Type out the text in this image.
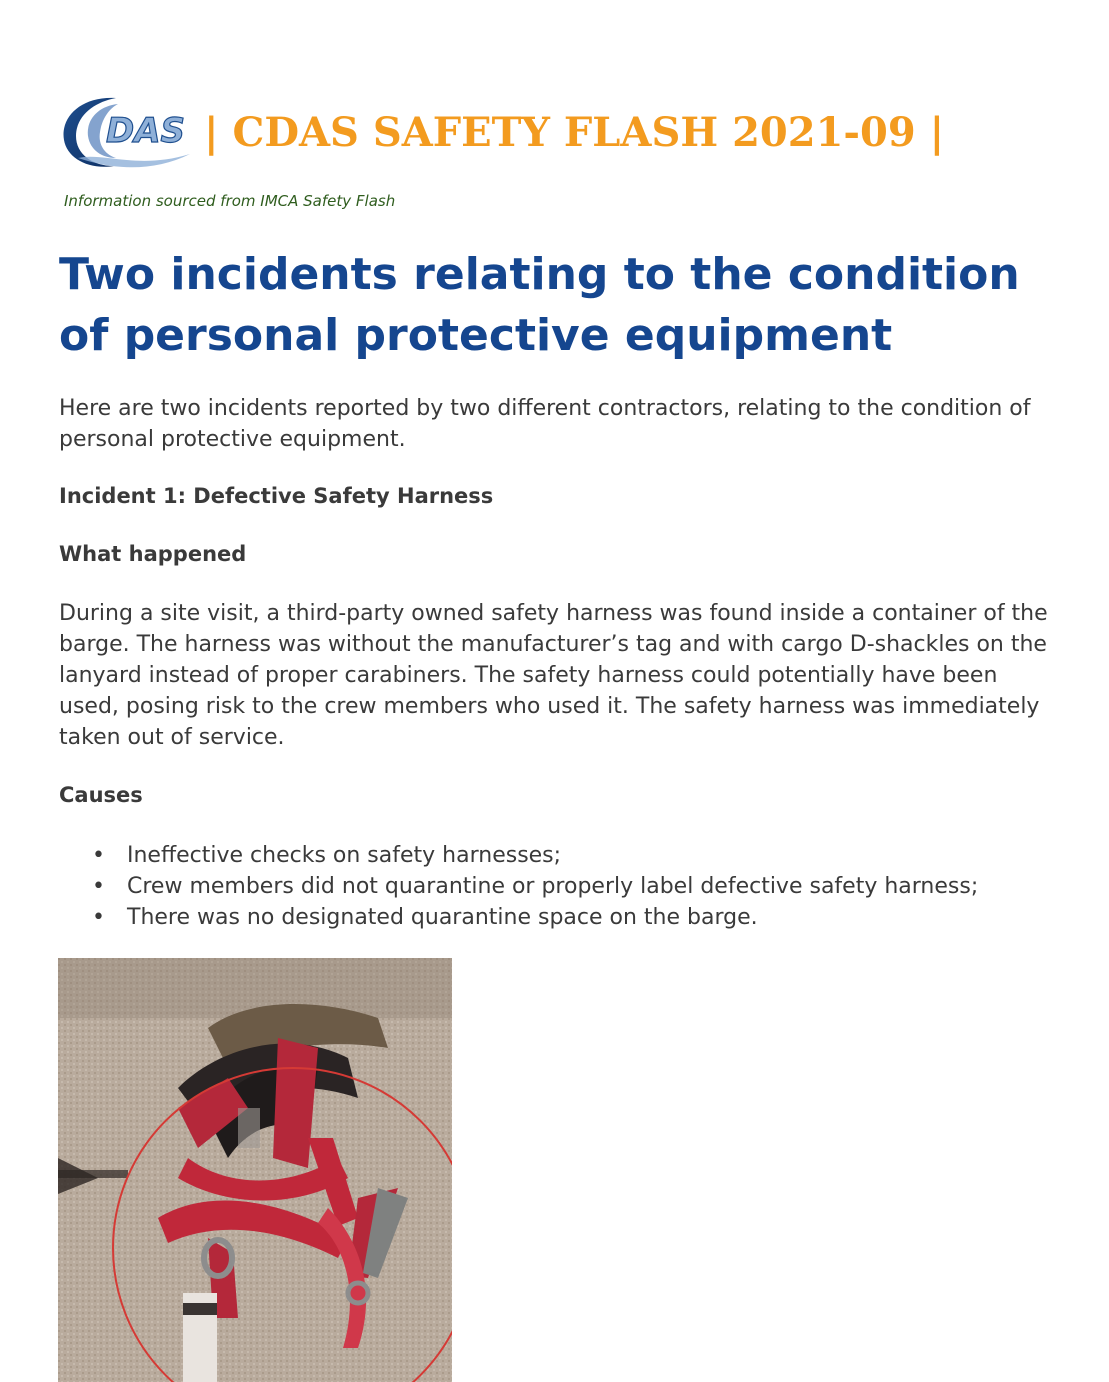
DAS | CDAS SAFETY FLASH 2021-09 |
Information sourced from IMCA Safety Flash
Two incidents relating to the condition of personal protective equipment

Here are two incidents reported by two different contractors, relating to the condition of personal protective equipment.

Incident 1: Defective Safety Harness
What happened

During a site visit, a third-party owned safety harness was found inside a container of the barge. The harness was without the manufacturer’s tag and with cargo D-shackles on the lanyard instead of proper carabiners. The safety harness could potentially have been used, posing risk to the crew members who used it. The safety harness was immediately taken out of service.

Causes
•	Ineffective checks on safety harnesses;
•	Crew members did not quarantine or properly label defective safety harness;
•	There was no designated quarantine space on the barge.
